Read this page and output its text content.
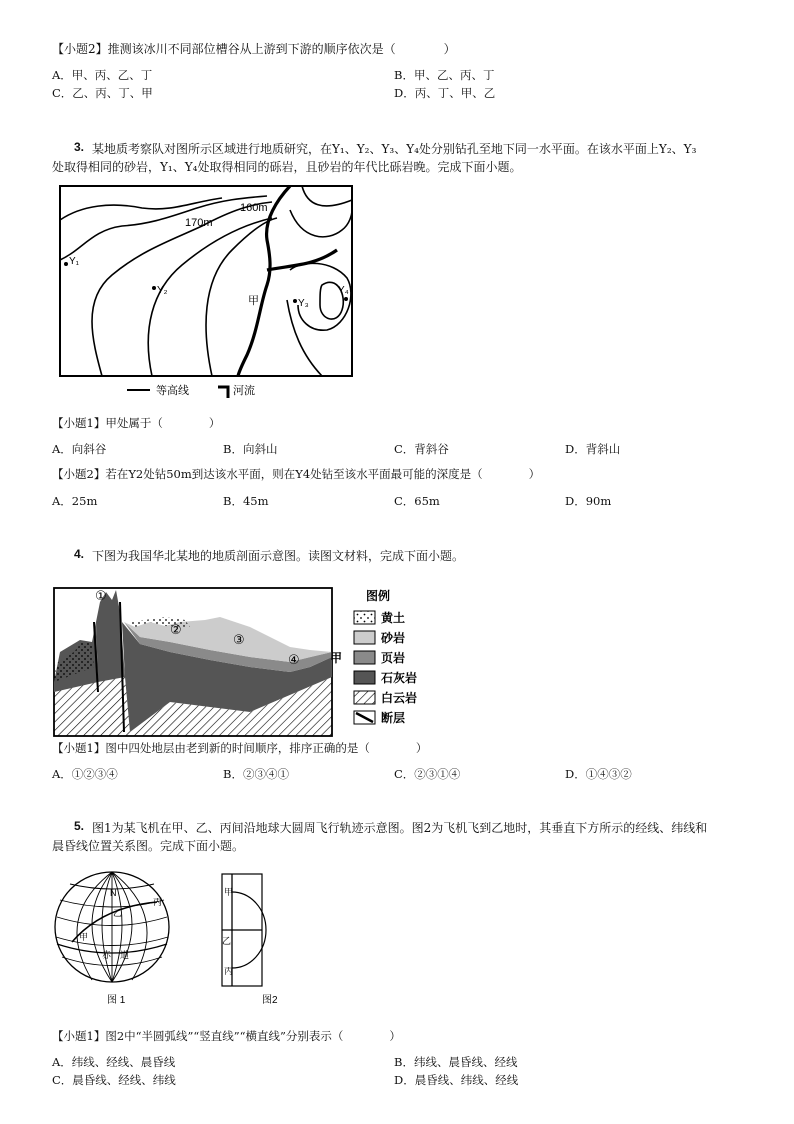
【小题2】推测该冰川不同部位槽谷从上游到下游的顺序依次是（　　　　）
A．甲、丙、乙、丁	B．甲、乙、丙、丁
C．乙、丙、丁、甲	D．丙、丁、甲、乙
3. 某地质考察队对图所示区域进行地质研究，在Y₁、Y₂、Y₃、Y₄处分别钻孔至地下同一水平面。在该水平面上Y₂、Y₃
处取得相同的砂岩，Y₁、Y₄处取得相同的砾岩，且砂岩的年代比砾岩晚。完成下面小题。
170m
160m
甲
Y₁
Y₂
Y₃
Y₄
等高线	河流
【小题1】甲处属于（　　　　）
A．向斜谷	B．向斜山	C．背斜谷	D．背斜山
【小题2】若在Y2处钻50m到达该水平面，则在Y4处钻至该水平面最可能的深度是（　　　　）
A．25m	B．45m	C．65m	D．90m
4. 下图为我国华北某地的地质剖面示意图。读图文材料，完成下面小题。
①
②
③
④	甲
图例
黄土
砂岩
页岩
石灰岩
白云岩
断层
【小题1】图中四处地层由老到新的时间顺序，排序正确的是（　　　　）
A．①②③④	B．②③④①	C．②③①④	D．①④③②
5. 图1为某飞机在甲、乙、丙间沿地球大圆周飞行轨迹示意图。图2为飞机飞到乙地时，其垂直下方所示的经线、纬线和
晨昏线位置关系图。完成下面小题。
N
甲
乙
丙
赤　道
图 1
甲
乙
丙
图2
【小题1】图2中“半圆弧线”“竖直线”“横直线”分别表示（　　　　）
A．纬线、经线、晨昏线	B．纬线、晨昏线、经线
C．晨昏线、经线、纬线	D．晨昏线、纬线、经线
